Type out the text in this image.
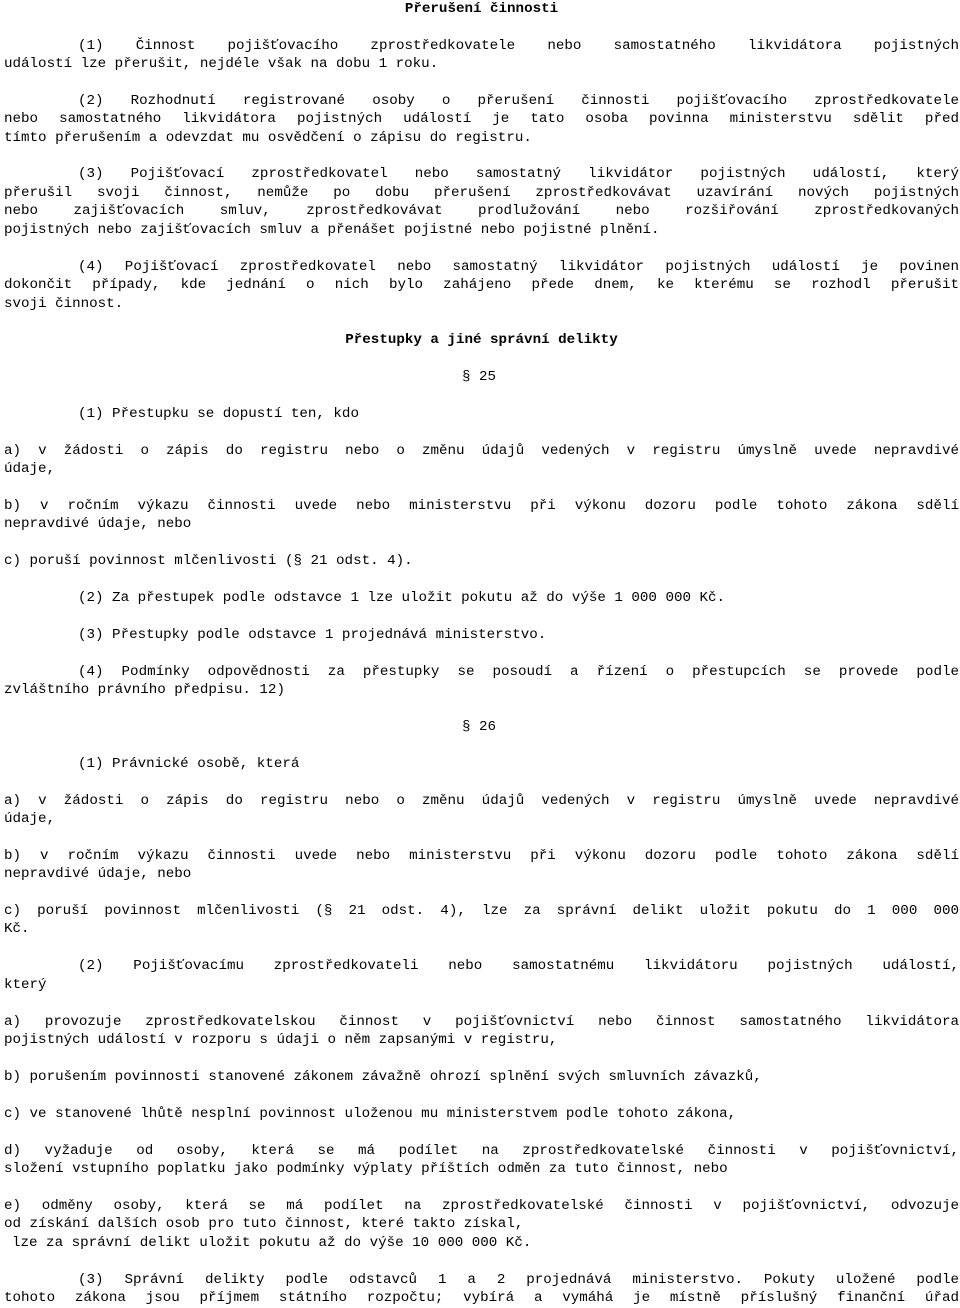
Přerušení činnosti
(1) Činnost pojišťovacího zprostředkovatele nebo samostatného likvidátora pojistných
událostí lze přerušit, nejdéle však na dobu 1 roku.
(2) Rozhodnutí registrované osoby o přerušení činnosti pojišťovacího zprostředkovatele
nebo samostatného likvidátora pojistných událostí je tato osoba povinna ministerstvu sdělit před
tímto přerušením a odevzdat mu osvědčení o zápisu do registru.
(3) Pojišťovací zprostředkovatel nebo samostatný likvidátor pojistných událostí, který
přerušil svoji činnost, nemůže po dobu přerušení zprostředkovávat uzavírání nových pojistných
nebo zajišťovacích smluv, zprostředkovávat prodlužování nebo rozšiřování zprostředkovaných
pojistných nebo zajišťovacích smluv a přenášet pojistné nebo pojistné plnění.
(4) Pojišťovací zprostředkovatel nebo samostatný likvidátor pojistných událostí je povinen
dokončit případy, kde jednání o nich bylo zahájeno přede dnem, ke kterému se rozhodl přerušit
svoji činnost.
Přestupky a jiné správní delikty
§ 25
(1) Přestupku se dopustí ten, kdo
a) v žádosti o zápis do registru nebo o změnu údajů vedených v registru úmyslně uvede nepravdivé
údaje,
b) v ročním výkazu činnosti uvede nebo ministerstvu při výkonu dozoru podle tohoto zákona sdělí
nepravdivé údaje, nebo
c) poruší povinnost mlčenlivosti (§ 21 odst. 4).
(2) Za přestupek podle odstavce 1 lze uložit pokutu až do výše 1 000 000 Kč.
(3) Přestupky podle odstavce 1 projednává ministerstvo.
(4) Podmínky odpovědnosti za přestupky se posoudí a řízení o přestupcích se provede podle
zvláštního právního předpisu. 12)
§ 26
(1) Právnické osobě, která
a) v žádosti o zápis do registru nebo o změnu údajů vedených v registru úmyslně uvede nepravdivé
údaje,
b) v ročním výkazu činnosti uvede nebo ministerstvu při výkonu dozoru podle tohoto zákona sdělí
nepravdivé údaje, nebo
c) poruší povinnost mlčenlivosti (§ 21 odst. 4), lze za správní delikt uložit pokutu do 1 000 000
Kč.
(2) Pojišťovacímu zprostředkovateli nebo samostatnému likvidátoru pojistných událostí,
který
a) provozuje zprostředkovatelskou činnost v pojišťovnictví nebo činnost samostatného likvidátora
pojistných událostí v rozporu s údaji o něm zapsanými v registru,
b) porušením povinnosti stanovené zákonem závažně ohrozí splnění svých smluvních závazků,
c) ve stanovené lhůtě nesplní povinnost uloženou mu ministerstvem podle tohoto zákona,
d) vyžaduje od osoby, která se má podílet na zprostředkovatelské činnosti v pojišťovnictví,
složení vstupního poplatku jako podmínky výplaty příštích odměn za tuto činnost, nebo
e) odměny osoby, která se má podílet na zprostředkovatelské činnosti v pojišťovnictví, odvozuje
od získání dalších osob pro tuto činnost, které takto získal,
lze za správní delikt uložit pokutu až do výše 10 000 000 Kč.
(3) Správní delikty podle odstavců 1 a 2 projednává ministerstvo. Pokuty uložené podle
tohoto zákona jsou příjmem státního rozpočtu; vybírá a vymáhá je místně příslušný finanční úřad
